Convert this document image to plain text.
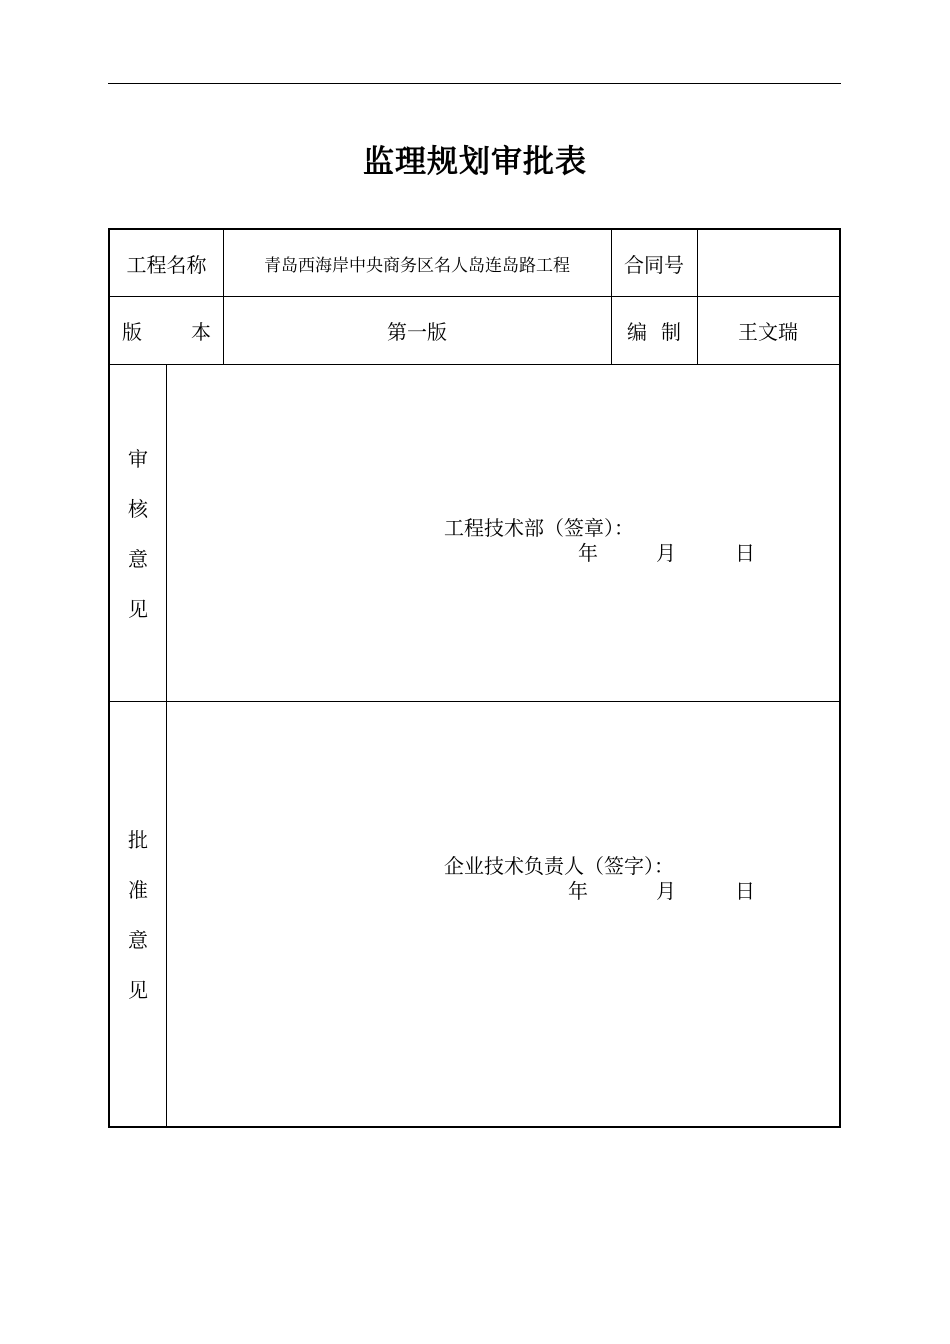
监理规划审批表
工程名称	青岛西海岸中央商务区名人岛连岛路工程	合同号
版 本	第一版	编 制	王文瑞
审
核
意
见
工程技术部（签章）：
年	月	日
批
准
意
见
企业技术负责人（签字）：
年	月	日
